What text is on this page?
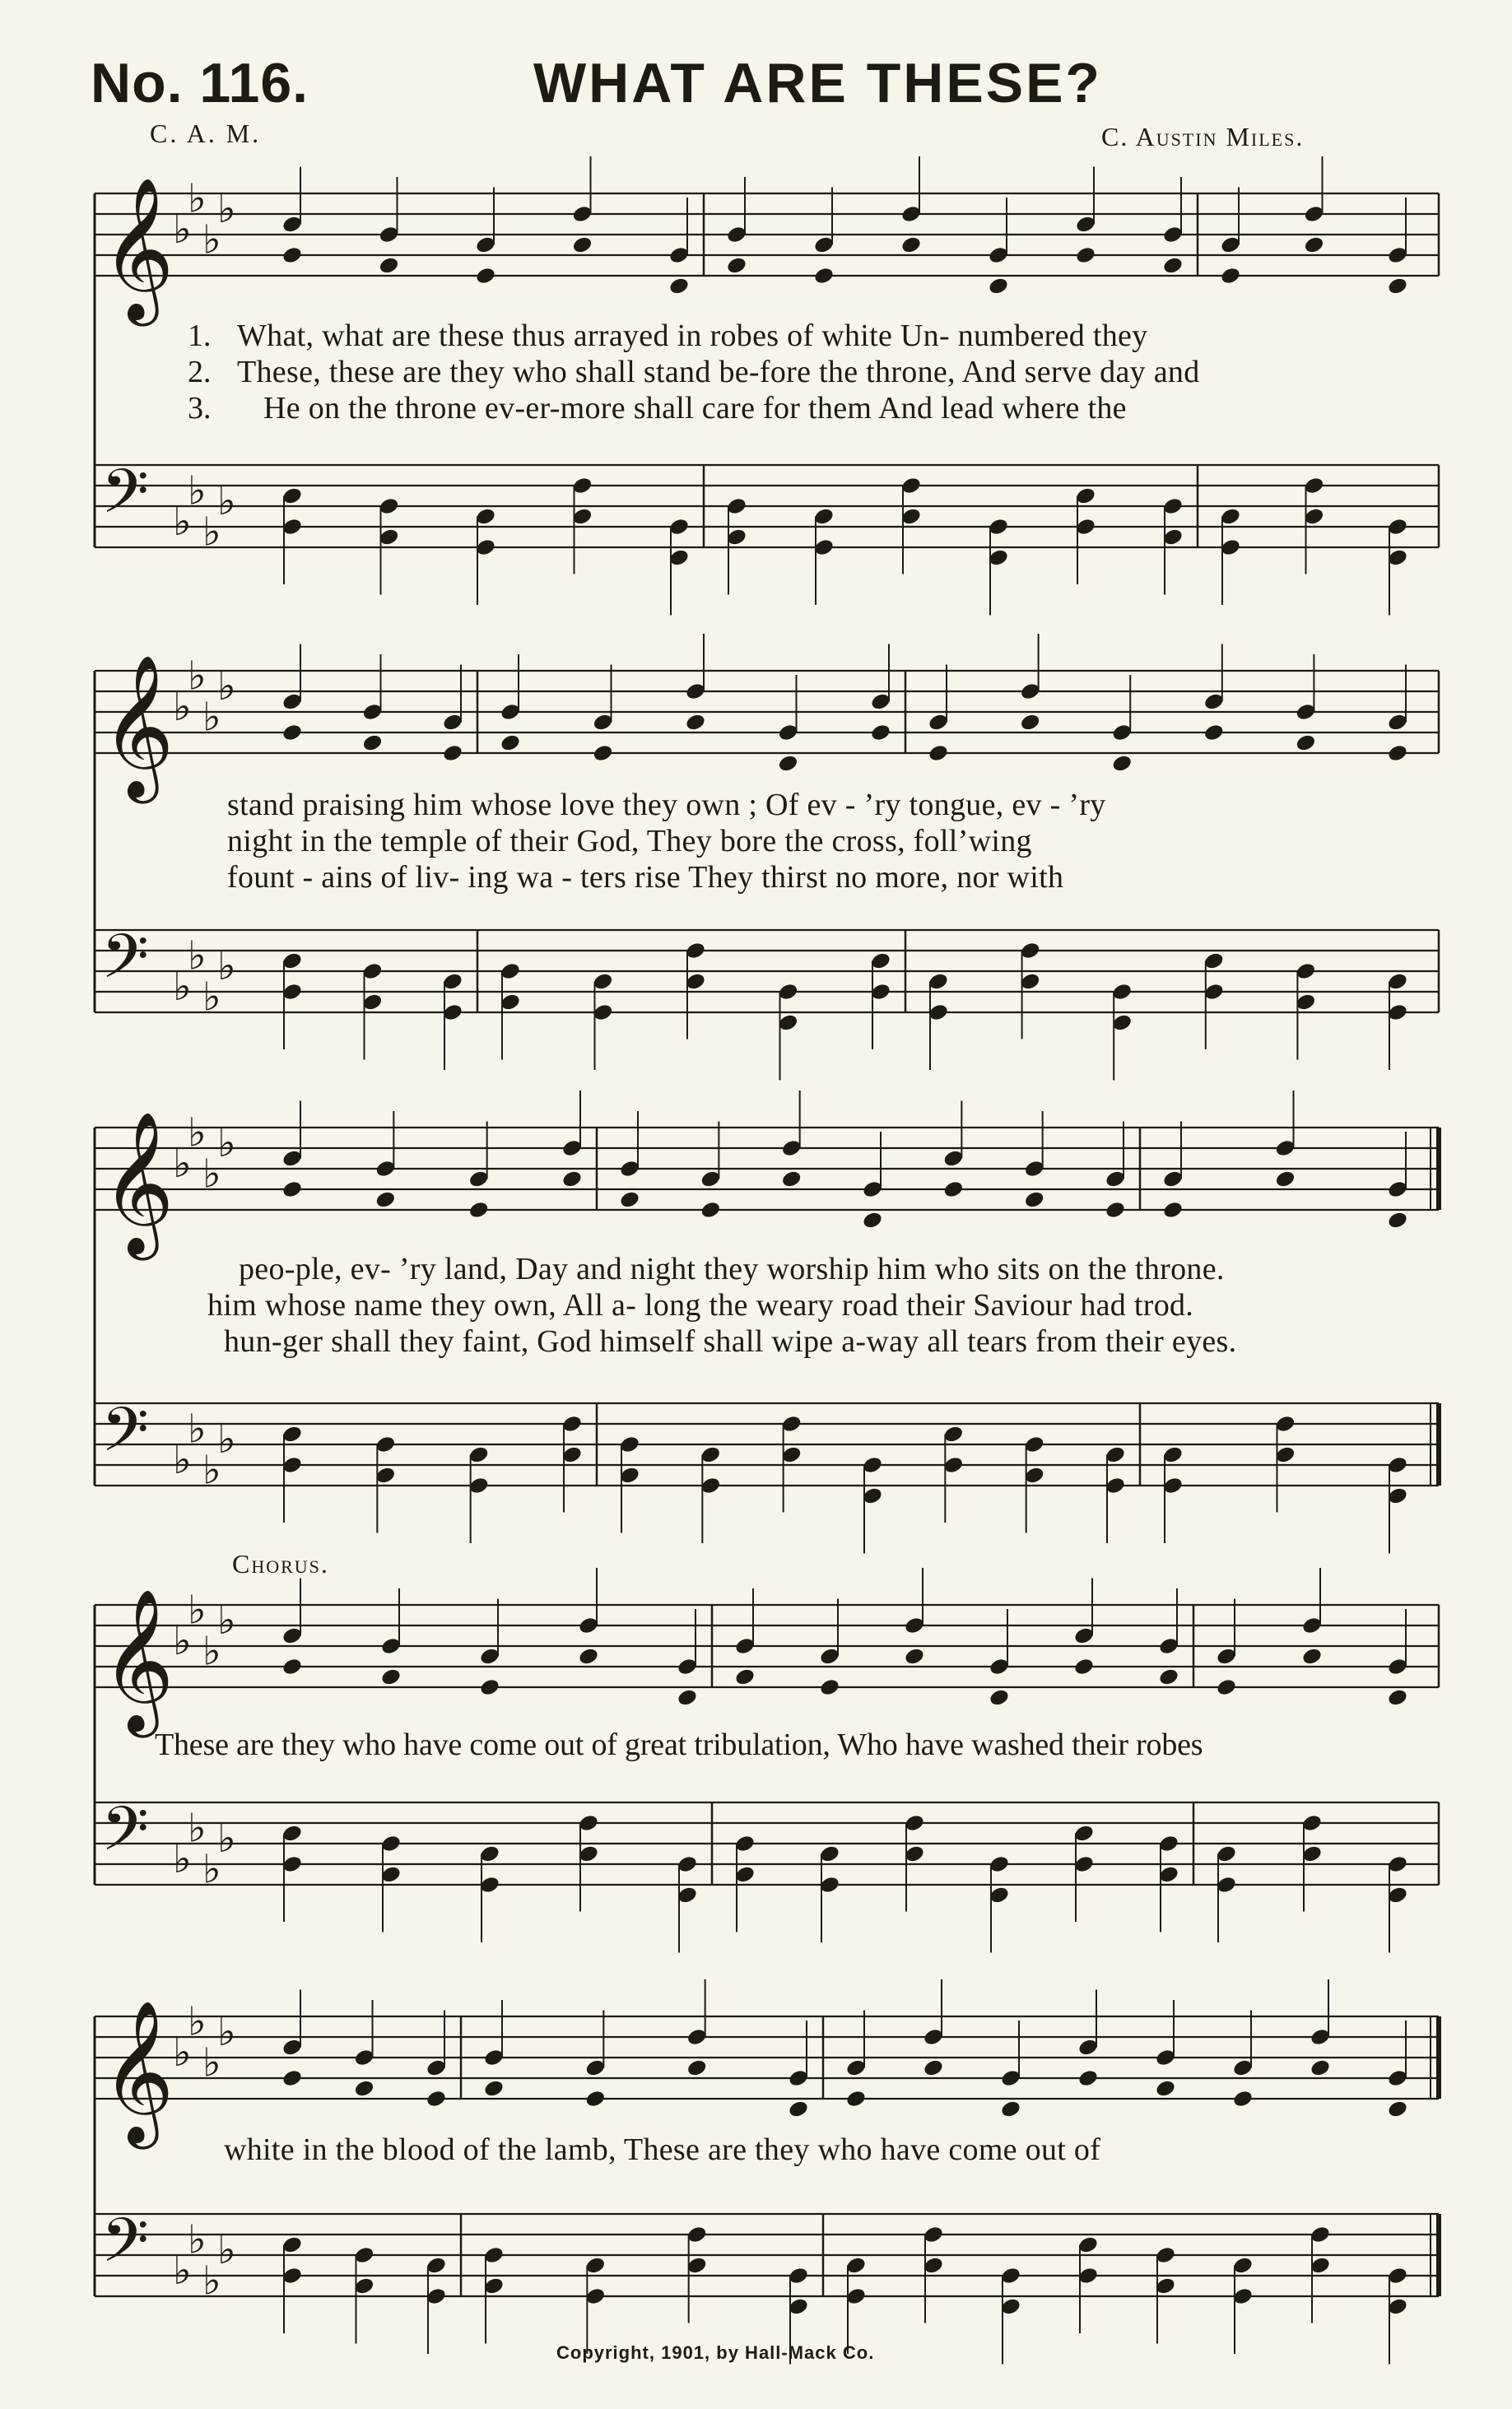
No. 116.	WHAT ARE THESE?
C. A. M.	C. Austin Miles.
𝄞
♭
♭
♭
♭
𝄢 ♭
♭
♭
♭
1.
2.
3.
What, what are these thus arrayed in robes of white Un- numbered they
These, these are they who shall stand be-fore the throne, And serve day and
He on the throne ev-er-more shall care for them And lead where the
𝄞
♭
♭
♭
♭
𝄢 ♭
♭
♭
♭
stand praising him whose love they own ; Of ev - ’ry tongue, ev - ’ry
night in the temple of their God, They bore the cross, foll’wing
fount - ains of liv- ing wa - ters rise They thirst no more, nor with
𝄞
♭
♭
♭
♭
𝄢 ♭
♭
♭
♭
peo-ple, ev- ’ry land, Day and night they worship him who sits on the throne.
him whose name they own, All a- long the weary road their Saviour had trod.
hun-ger shall they faint, God himself shall wipe a-way all tears from their eyes.
Chorus.
𝄞
♭
♭
♭
♭
𝄢 ♭
♭
♭
♭
These are they who have come out of great tribulation, Who have washed their robes
𝄞
♭
♭
♭
♭
𝄢 ♭
♭
♭
♭
white in the blood of the lamb, These are they who have come out of
Copyright, 1901, by Hall-Mack Co.
